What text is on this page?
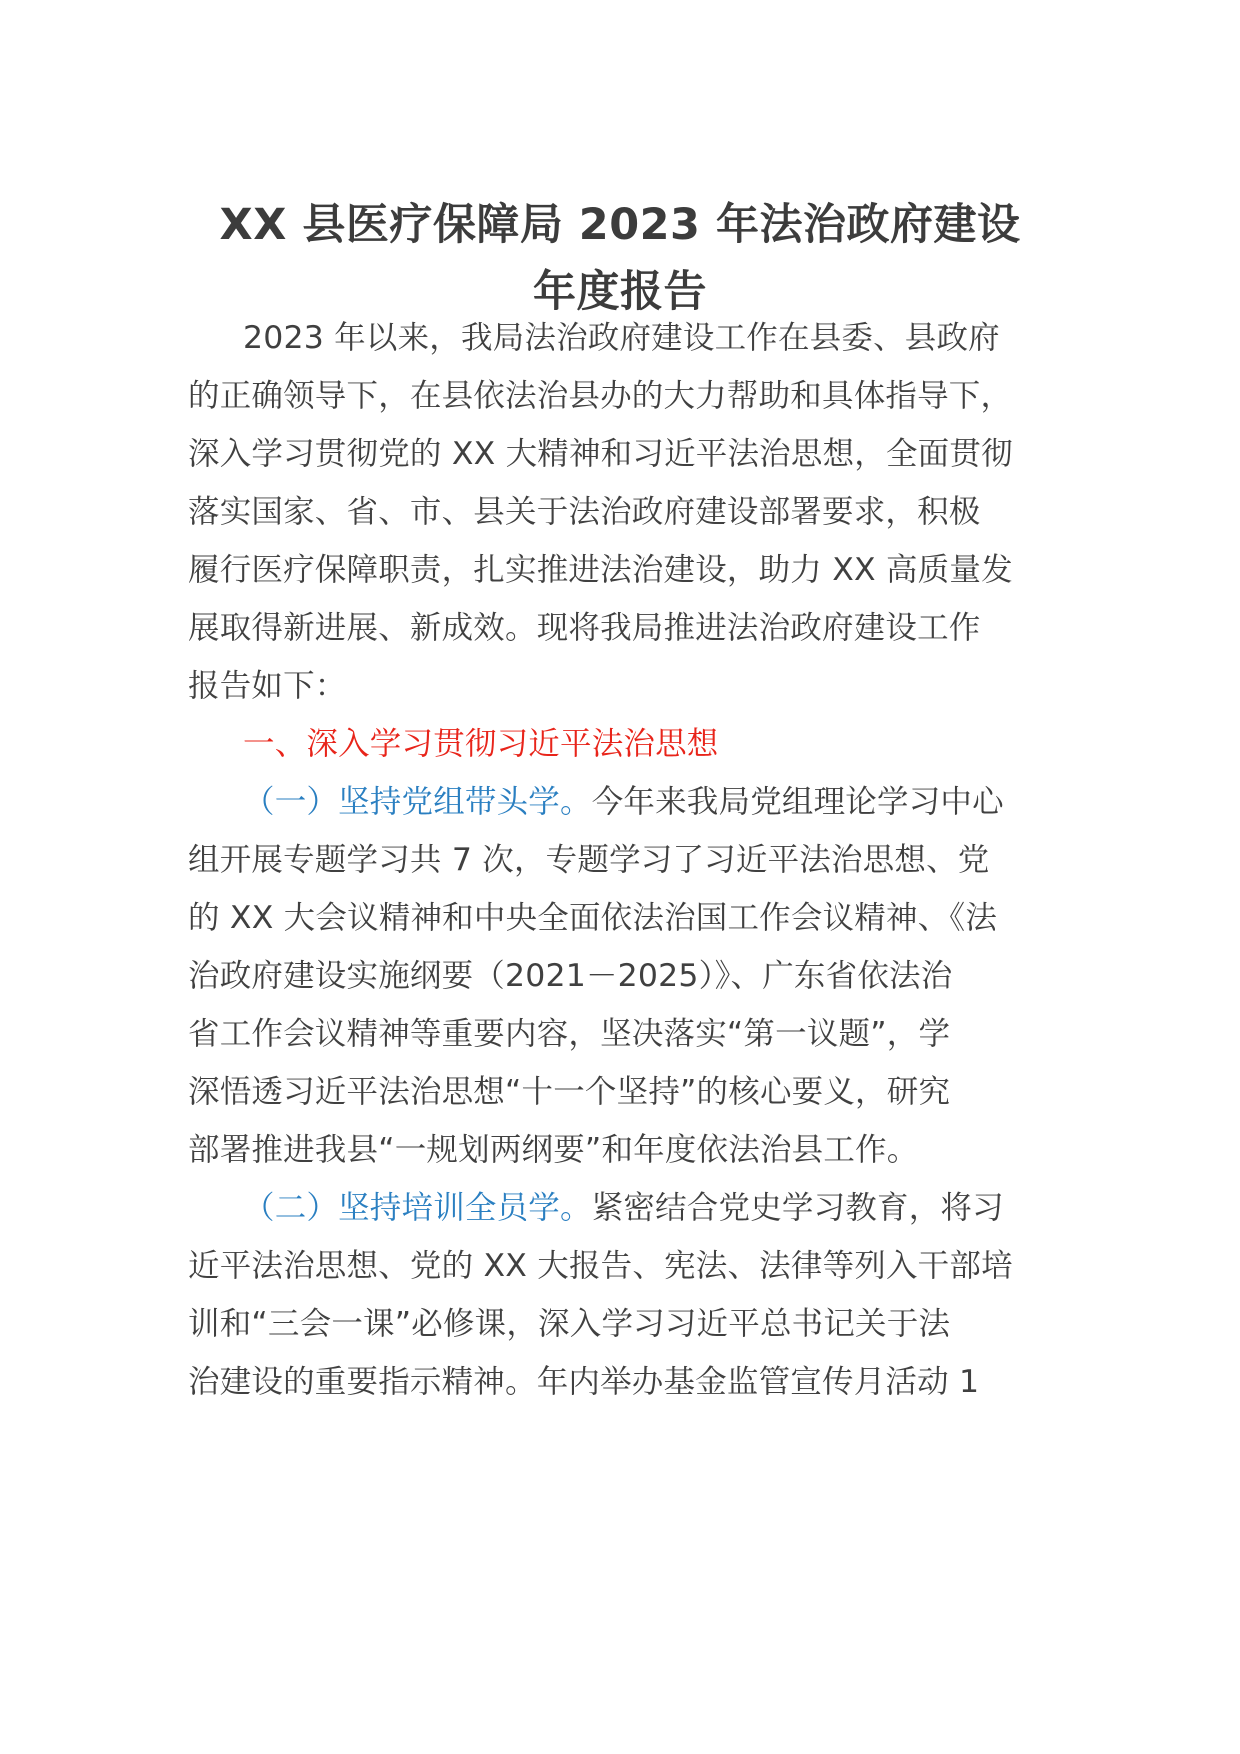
XX 县医疗保障局 2023 年法治政府建设
年度报告
2023 年以来，我局法治政府建设工作在县委、县政府
的正确领导下，在县依法治县办的大力帮助和具体指导下，
深入学习贯彻党的 XX 大精神和习近平法治思想，全面贯彻
落实国家、省、市、县关于法治政府建设部署要求，积极
履行医疗保障职责，扎实推进法治建设，助力 XX 高质量发
展取得新进展、新成效。现将我局推进法治政府建设工作
报告如下：
一、深入学习贯彻习近平法治思想
（一）坚持党组带头学。今年来我局党组理论学习中心
组开展专题学习共 7 次，专题学习了习近平法治思想、党
的 XX 大会议精神和中央全面依法治国工作会议精神、《法
治政府建设实施纲要（2021－2025）》、广东省依法治
省工作会议精神等重要内容，坚决落实“第一议题”，学
深悟透习近平法治思想“十一个坚持”的核心要义，研究
部署推进我县“一规划两纲要”和年度依法治县工作。
（二）坚持培训全员学。紧密结合党史学习教育，将习
近平法治思想、党的 XX 大报告、宪法、法律等列入干部培
训和“三会一课”必修课，深入学习习近平总书记关于法
治建设的重要指示精神。年内举办基金监管宣传月活动 1
